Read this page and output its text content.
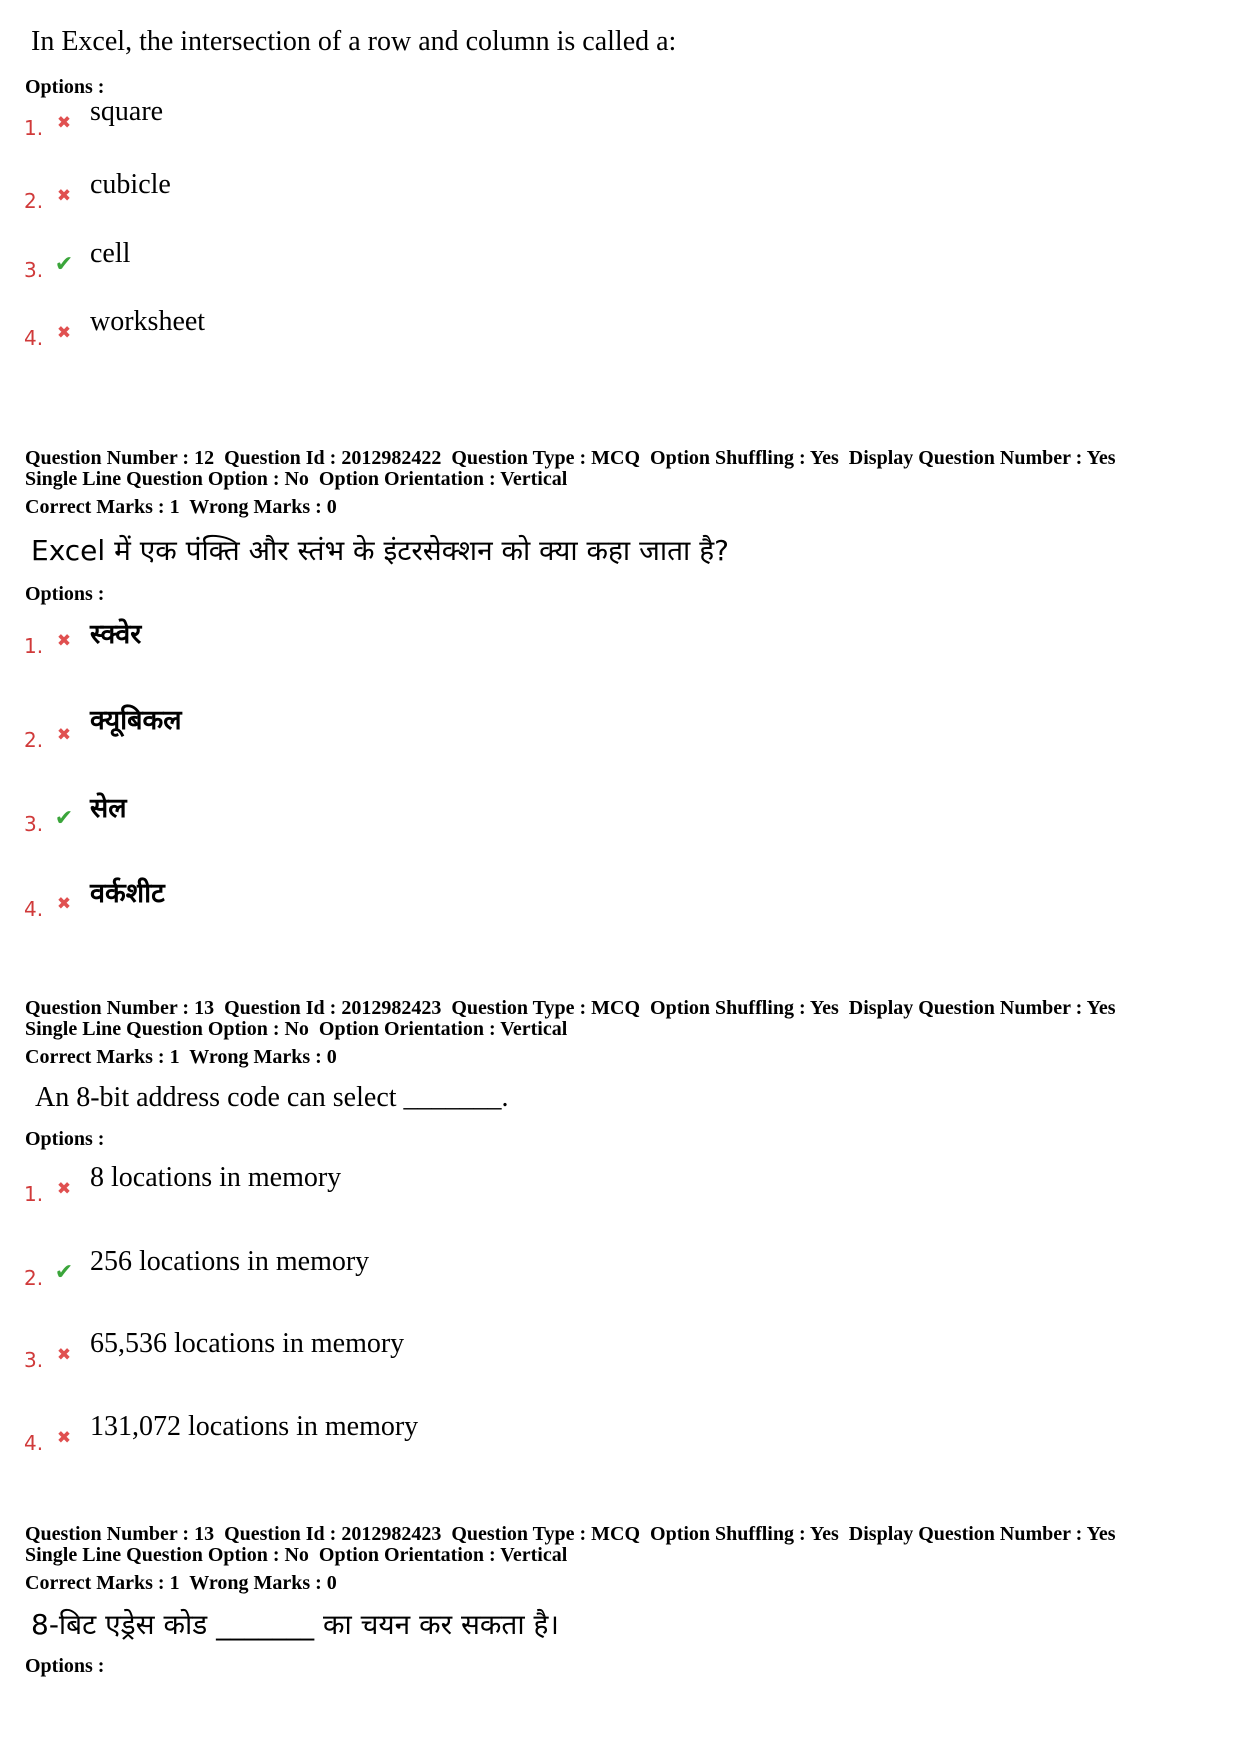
In Excel, the intersection of a row and column is called a:
Options :
1. ✖ square
2. ✖ cubicle
3. ✔ cell
4. ✖ worksheet
Question Number : 12  Question Id : 2012982422  Question Type : MCQ  Option Shuffling : Yes  Display Question Number : Yes
Single Line Question Option : No  Option Orientation : Vertical
Correct Marks : 1  Wrong Marks : 0
Excel में एक पंक्ति और स्तंभ के इंटरसेक्शन को क्या कहा जाता है?
Options :
1. ✖ स्क्वेर
2. ✖ क्यूबिकल
3. ✔ सेल
4. ✖ वर्कशीट
Question Number : 13  Question Id : 2012982423  Question Type : MCQ  Option Shuffling : Yes  Display Question Number : Yes
Single Line Question Option : No  Option Orientation : Vertical
Correct Marks : 1  Wrong Marks : 0
An 8-bit address code can select _______.
Options :
1. ✖ 8 locations in memory
2. ✔ 256 locations in memory
3. ✖ 65,536 locations in memory
4. ✖ 131,072 locations in memory
Question Number : 13  Question Id : 2012982423  Question Type : MCQ  Option Shuffling : Yes  Display Question Number : Yes
Single Line Question Option : No  Option Orientation : Vertical
Correct Marks : 1  Wrong Marks : 0
8-बिट एड्रेस कोड _______ का चयन कर सकता है।
Options :
